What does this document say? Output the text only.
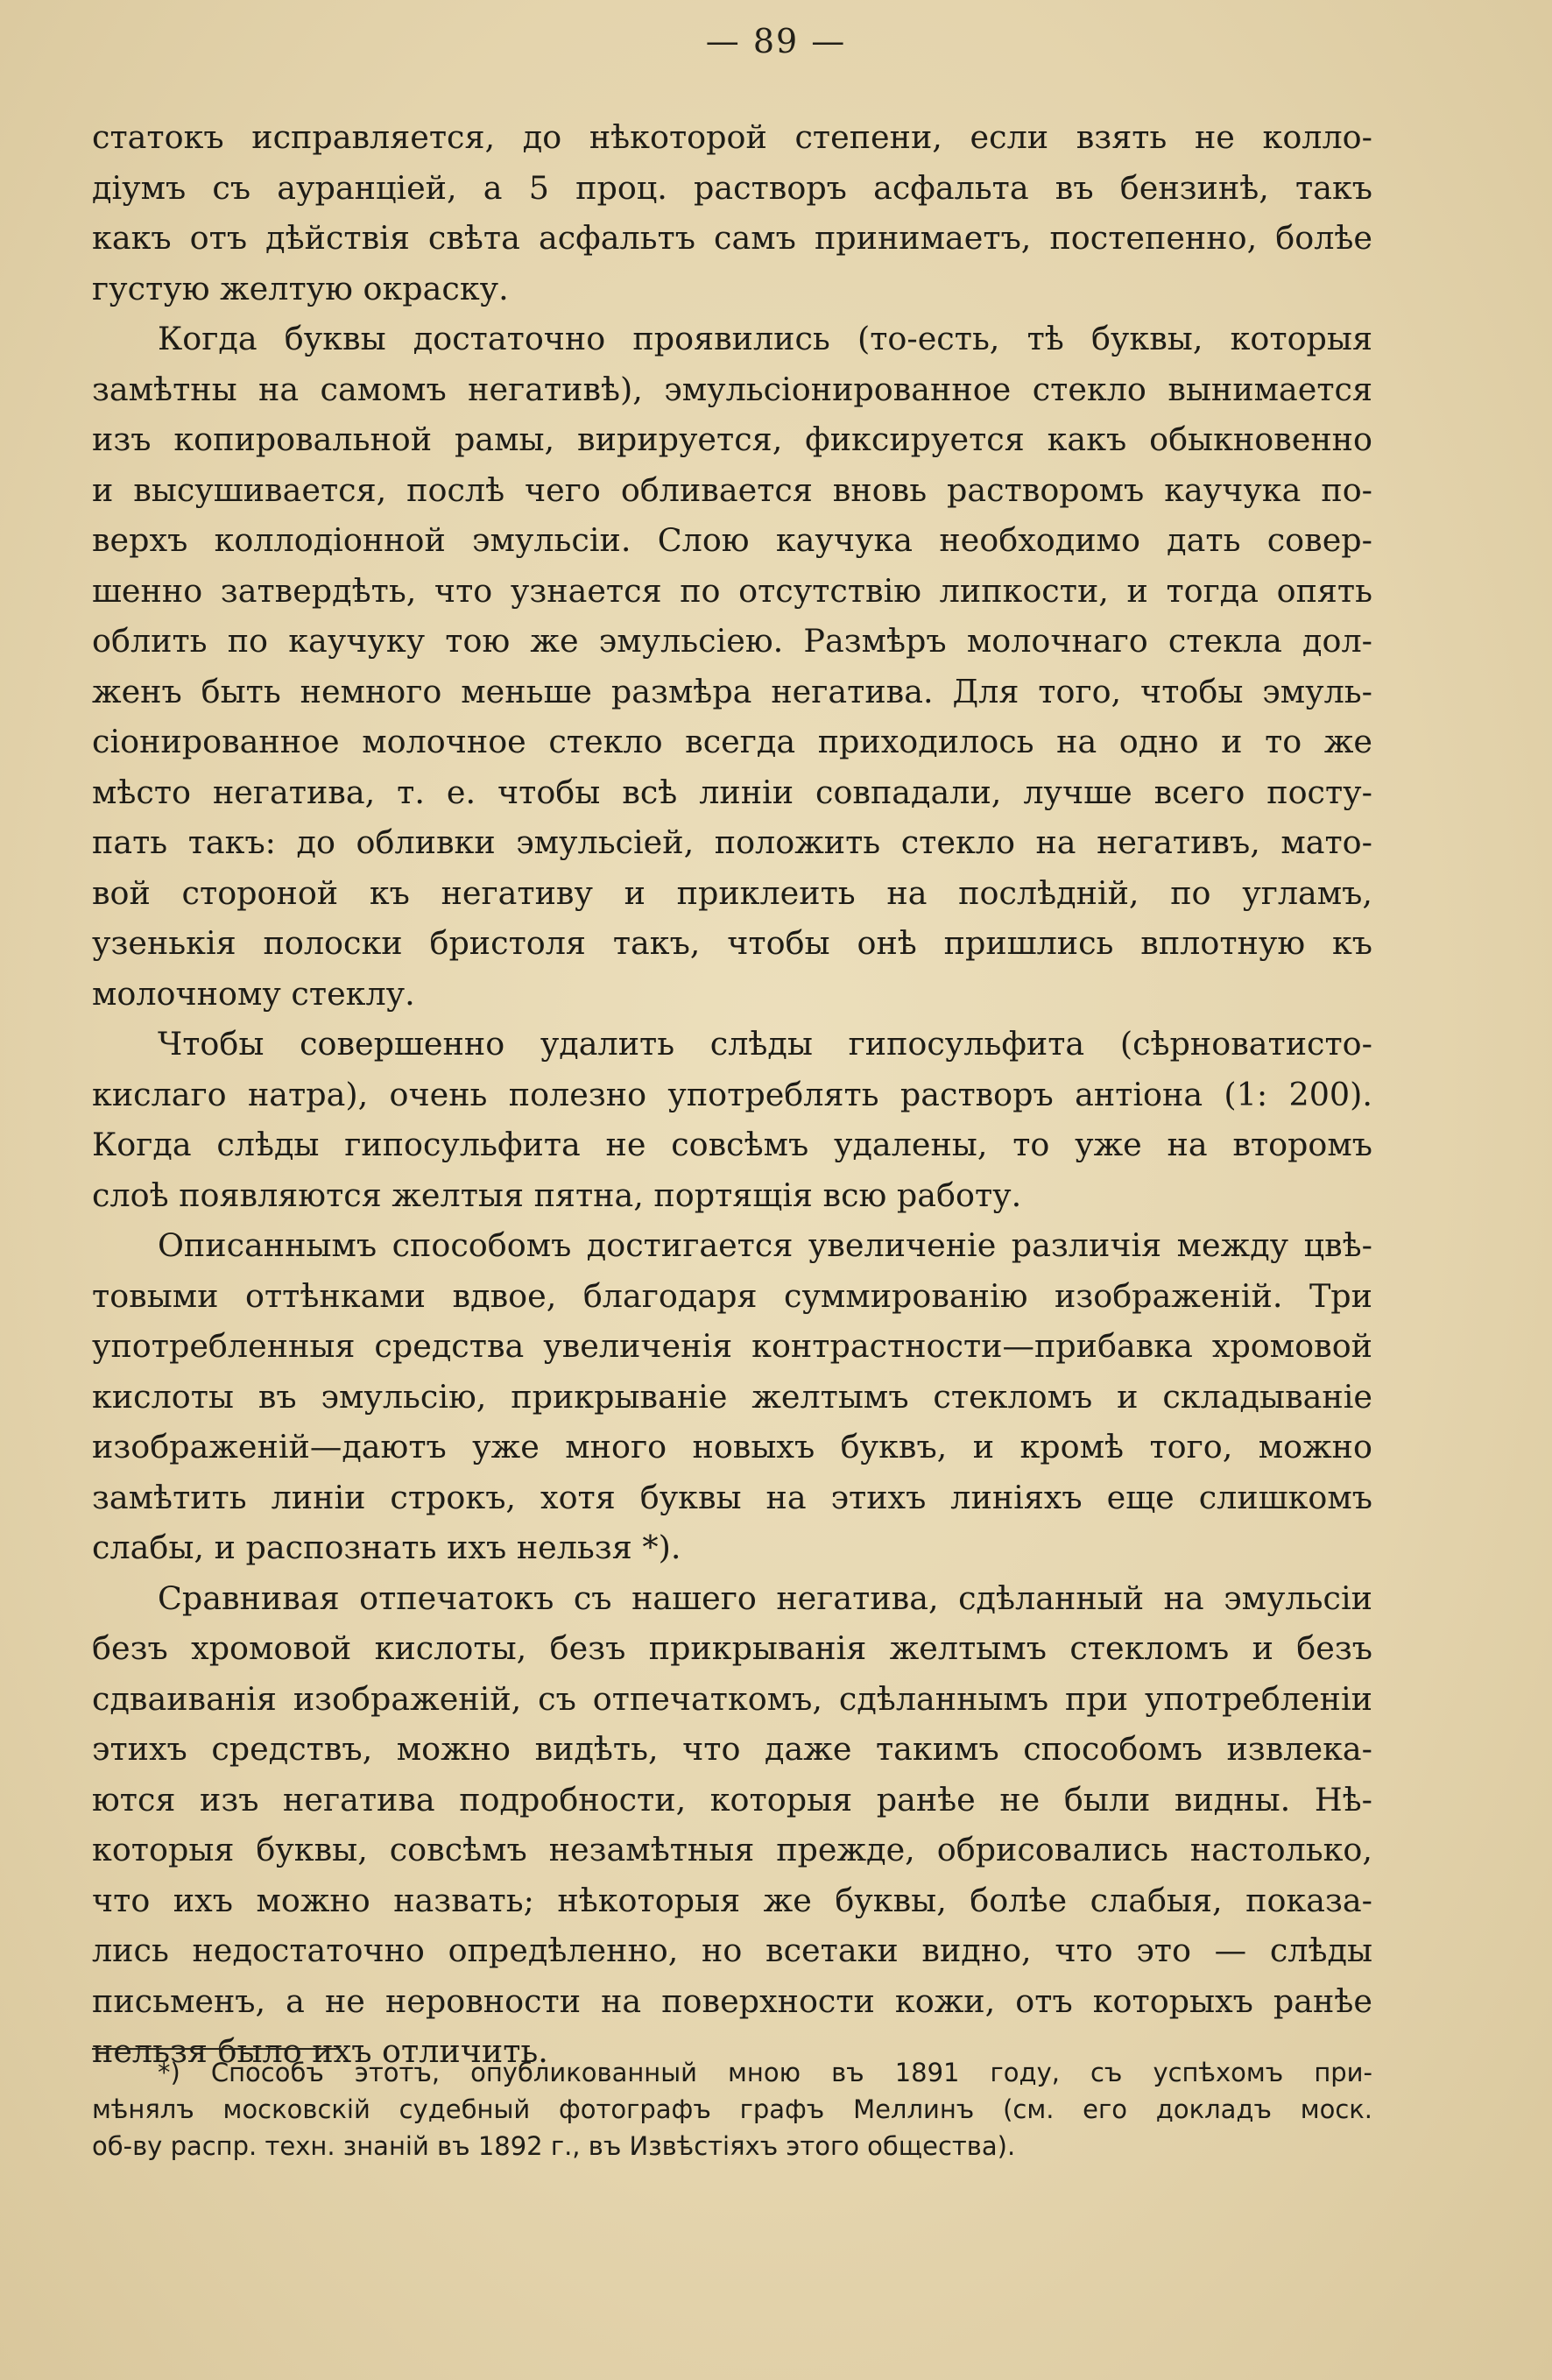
— 89 —
статокъ исправляется, до нѣкоторой степени, если взять не колло-
діумъ съ ауранціей, а 5 проц. растворъ асфальта въ бензинѣ, такъ
какъ отъ дѣйствія свѣта асфальтъ самъ принимаетъ, постепенно, болѣе
густую желтую окраску.
Когда буквы достаточно проявились (то-есть, тѣ буквы, которыя
замѣтны на самомъ негативѣ), эмульсіонированное стекло вынимается
изъ копировальной рамы, вирируется, фиксируется какъ обыкновенно
и высушивается, послѣ чего обливается вновь растворомъ каучука по-
верхъ коллодіонной эмульсіи. Слою каучука необходимо дать совер-
шенно затвердѣть, что узнается по отсутствію липкости, и тогда опять
облить по каучуку тою же эмульсіею. Размѣръ молочнаго стекла дол-
женъ быть немного меньше размѣра негатива. Для того, чтобы эмуль-
сіонированное молочное стекло всегда приходилось на одно и то же
мѣсто негатива, т. е. чтобы всѣ линіи совпадали, лучше всего посту-
пать такъ: до обливки эмульсіей, положить стекло на негативъ, мато-
вой стороной къ негативу и приклеить на послѣдній, по угламъ,
узенькія полоски бристоля такъ, чтобы онѣ пришлись вплотную къ
молочному стеклу.
Чтобы совершенно удалить слѣды гипосульфита (сѣрноватисто-
кислаго натра), очень полезно употреблять растворъ антіона (1: 200).
Когда слѣды гипосульфита не совсѣмъ удалены, то уже на второмъ
слоѣ появляются желтыя пятна, портящія всю работу.
Описаннымъ способомъ достигается увеличеніе различія между цвѣ-
товыми оттѣнками вдвое, благодаря суммированію изображеній. Три
употребленныя средства увеличенія контрастности—прибавка хромовой
кислоты въ эмульсію, прикрываніе желтымъ стекломъ и складываніе
изображеній—даютъ уже много новыхъ буквъ, и кромѣ того, можно
замѣтить линіи строкъ, хотя буквы на этихъ линіяхъ еще слишкомъ
слабы, и распознать ихъ нельзя *).
Сравнивая отпечатокъ съ нашего негатива, сдѣланный на эмульсіи
безъ хромовой кислоты, безъ прикрыванія желтымъ стекломъ и безъ
сдваиванія изображеній, съ отпечаткомъ, сдѣланнымъ при употребленіи
этихъ средствъ, можно видѣть, что даже такимъ способомъ извлека-
ются изъ негатива подробности, которыя ранѣе не были видны. Нѣ-
которыя буквы, совсѣмъ незамѣтныя прежде, обрисовались настолько,
что ихъ можно назвать; нѣкоторыя же буквы, болѣе слабыя, показа-
лись недостаточно опредѣленно, но всетаки видно, что это — слѣды
письменъ, а не неровности на поверхности кожи, отъ которыхъ ранѣе
нельзя было ихъ отличить.
*) Способъ этотъ, опубликованный мною въ 1891 году, съ успѣхомъ при-
мѣнялъ московскій судебный фотографъ графъ Меллинъ (см. его докладъ моск.
об-ву распр. техн. знаній въ 1892 г., въ Извѣстіяхъ этого общества).
